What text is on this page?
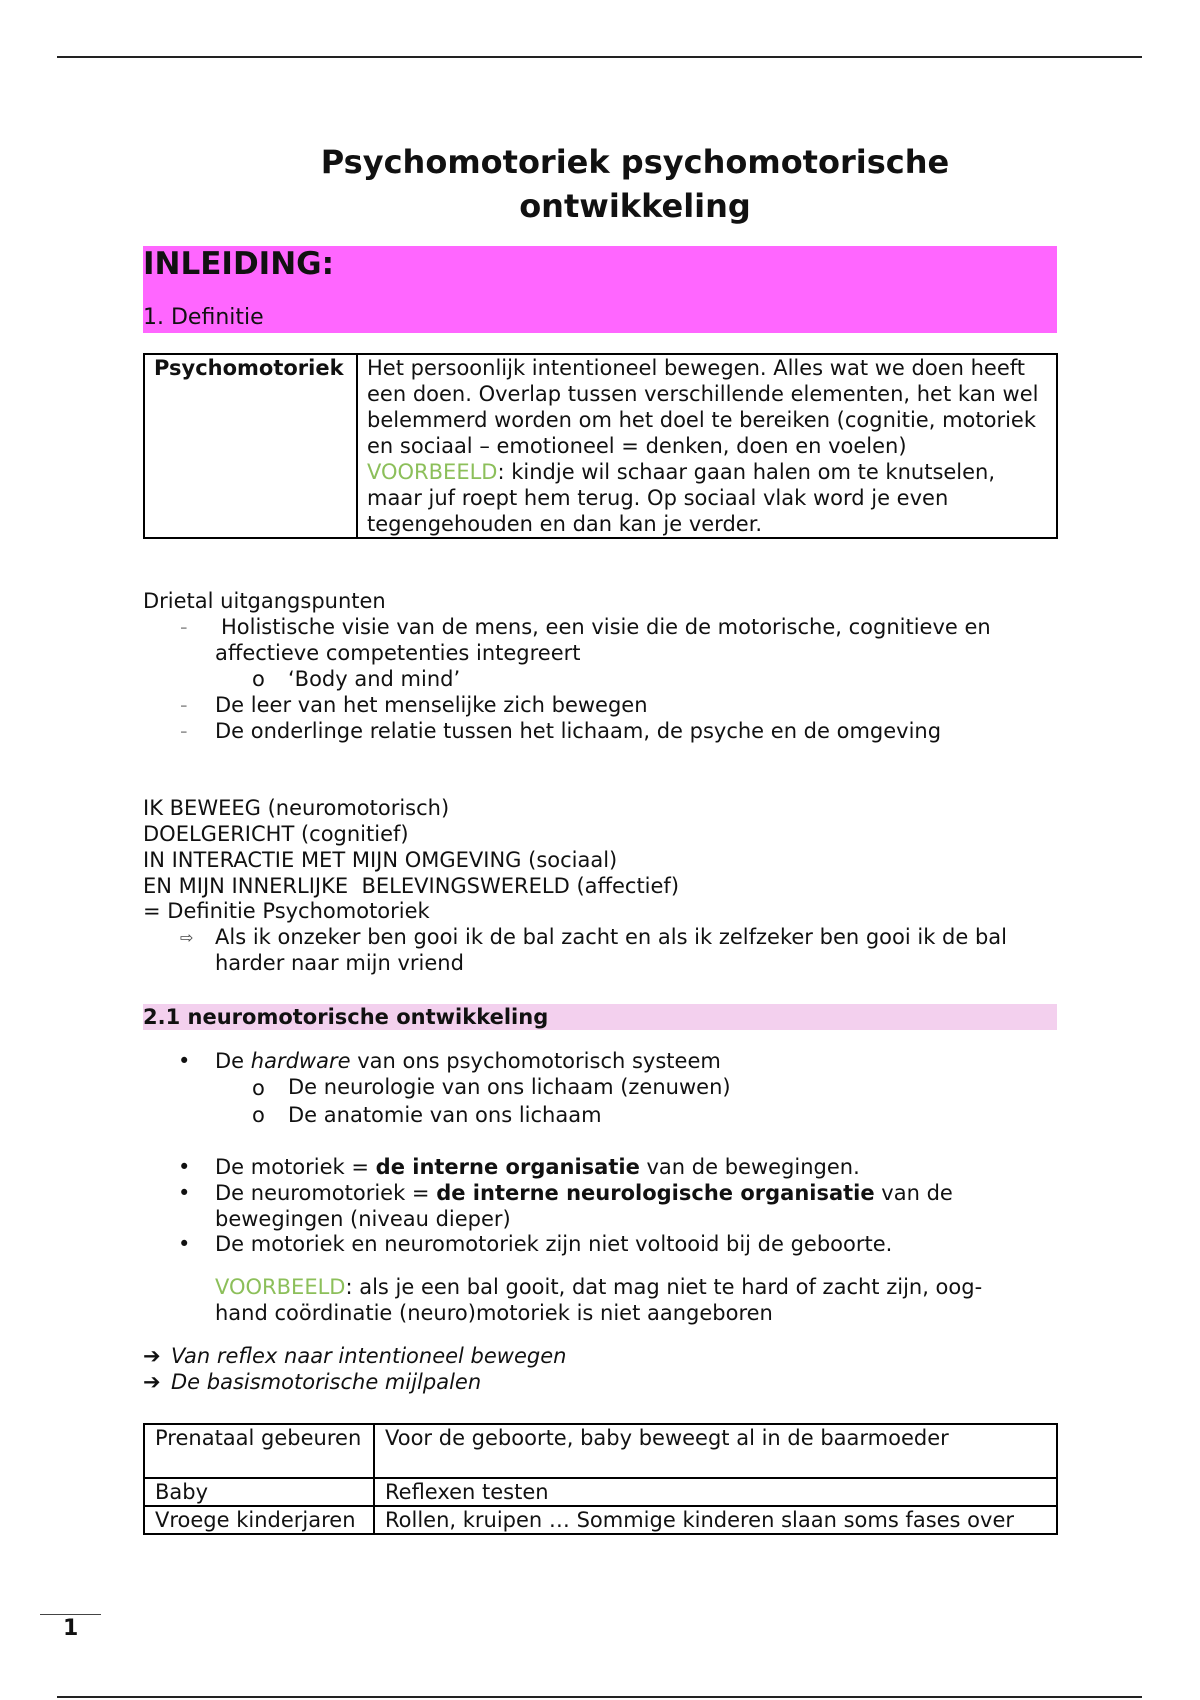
Psychomotoriek psychomotorische ontwikkeling
INLEIDING:
1. Definitie
Psychomotoriek	Het persoonlijk intentioneel bewegen. Alles wat we doen heeft een doen. Overlap tussen verschillende elementen, het kan wel belemmerd worden om het doel te bereiken (cognitie, motoriek en sociaal – emotioneel = denken, doen en voelen)
VOORBEELD: kindje wil schaar gaan halen om te knutselen, maar juf roept hem terug. Op sociaal vlak word je even tegengehouden en dan kan je verder.
Drietal uitgangspunten
- Holistische visie van de mens, een visie die de motorische, cognitieve en
affectieve competenties integreert
o ‘Body and mind’
- De leer van het menselijke zich bewegen
- De onderlinge relatie tussen het lichaam, de psyche en de omgeving
IK BEWEEG (neuromotorisch)
DOELGERICHT (cognitief)
IN INTERACTIE MET MIJN OMGEVING (sociaal)
EN MIJN INNERLIJKE  BELEVINGSWERELD (affectief)
= Definitie Psychomotoriek
⇨ Als ik onzeker ben gooi ik de bal zacht en als ik zelfzeker ben gooi ik de bal
harder naar mijn vriend
2.1 neuromotorische ontwikkeling
• De hardware van ons psychomotorisch systeem
o De neurologie van ons lichaam (zenuwen)
o De anatomie van ons lichaam
• De motoriek = de interne organisatie van de bewegingen.
• De neuromotoriek = de interne neurologische organisatie van de
bewegingen (niveau dieper)
• De motoriek en neuromotoriek zijn niet voltooid bij de geboorte.
VOORBEELD: als je een bal gooit, dat mag niet te hard of zacht zijn, oog-
hand coördinatie (neuro)motoriek is niet aangeboren
➔ Van reflex naar intentioneel bewegen
➔ De basismotorische mijlpalen
Prenataal gebeuren	Voor de geboorte, baby beweegt al in de baarmoeder
Baby	Reflexen testen
Vroege kinderjaren	Rollen, kruipen … Sommige kinderen slaan soms fases over
1
